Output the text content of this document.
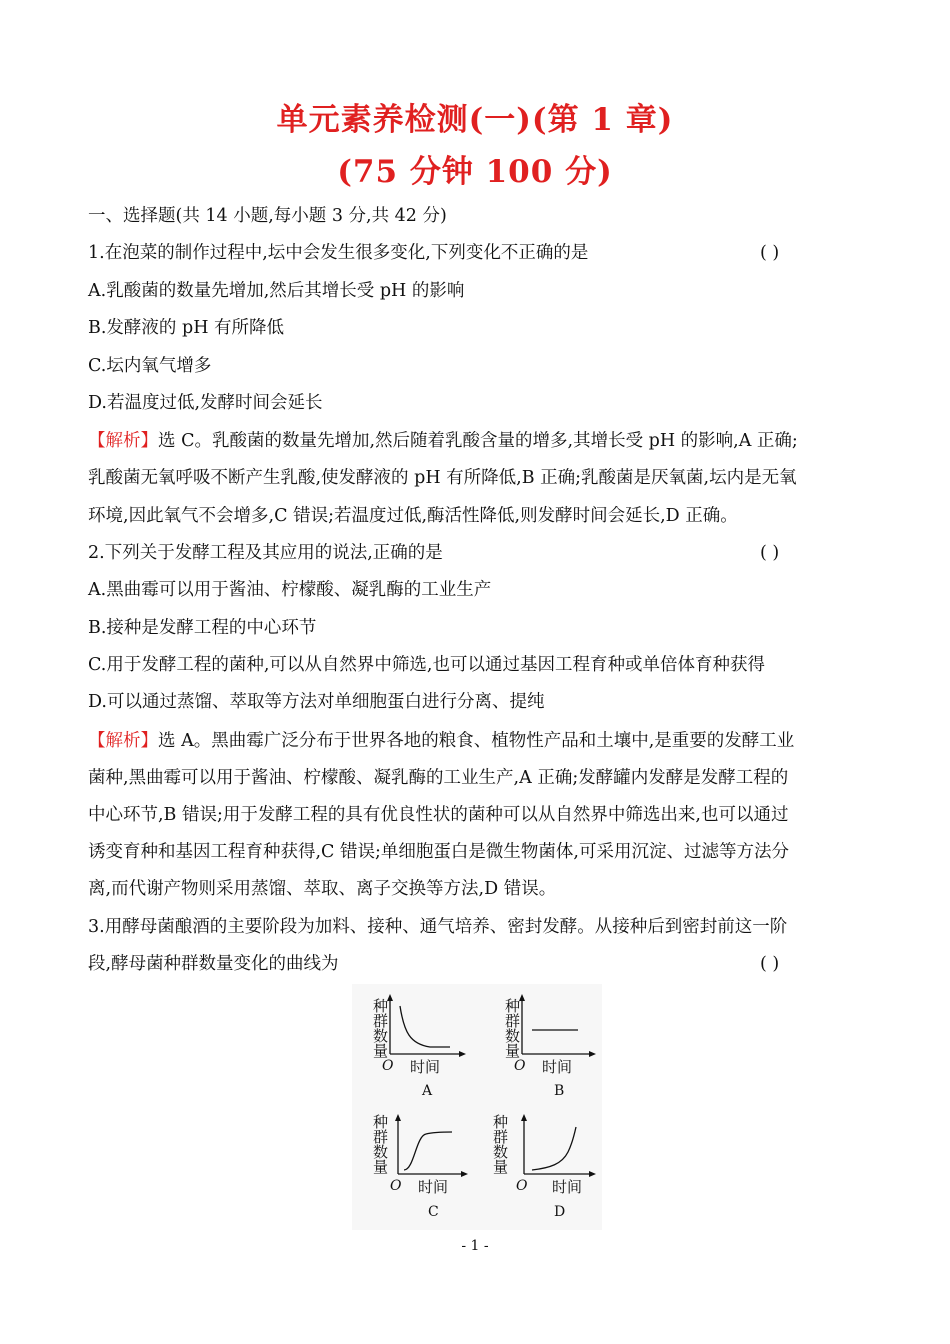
单元素养检测(一)(第 1 章)
(75 分钟 100 分)
一、选择题(共 14 小题,每小题 3 分,共 42 分)
1.在泡菜的制作过程中,坛中会发生很多变化,下列变化不正确的是	( )
A.乳酸菌的数量先增加,然后其增长受 pH 的影响
B.发酵液的 pH 有所降低
C.坛内氧气增多
D.若温度过低,发酵时间会延长
【解析】选 C。乳酸菌的数量先增加,然后随着乳酸含量的增多,其增长受 pH 的影响,A 正确;
乳酸菌无氧呼吸不断产生乳酸,使发酵液的 pH 有所降低,B 正确;乳酸菌是厌氧菌,坛内是无氧
环境,因此氧气不会增多,C 错误;若温度过低,酶活性降低,则发酵时间会延长,D 正确。
2.下列关于发酵工程及其应用的说法,正确的是	( )
A.黑曲霉可以用于酱油、柠檬酸、凝乳酶的工业生产
B.接种是发酵工程的中心环节
C.用于发酵工程的菌种,可以从自然界中筛选,也可以通过基因工程育种或单倍体育种获得
D.可以通过蒸馏、萃取等方法对单细胞蛋白进行分离、提纯
【解析】选 A。黑曲霉广泛分布于世界各地的粮食、植物性产品和土壤中,是重要的发酵工业
菌种,黑曲霉可以用于酱油、柠檬酸、凝乳酶的工业生产,A 正确;发酵罐内发酵是发酵工程的
中心环节,B 错误;用于发酵工程的具有优良性状的菌种可以从自然界中筛选出来,也可以通过
诱变育种和基因工程育种获得,C 错误;单细胞蛋白是微生物菌体,可采用沉淀、过滤等方法分
离,而代谢产物则采用蒸馏、萃取、离子交换等方法,D 错误。
3.用酵母菌酿酒的主要阶段为加料、接种、通气培养、密封发酵。从接种后到密封前这一阶
段,酵母菌种群数量变化的曲线为	( )
种群数量
O 时间
A
种群数量
O 时间
B
种群数量
O 时间
C
种群数量
O 时间
D
- 1 -
